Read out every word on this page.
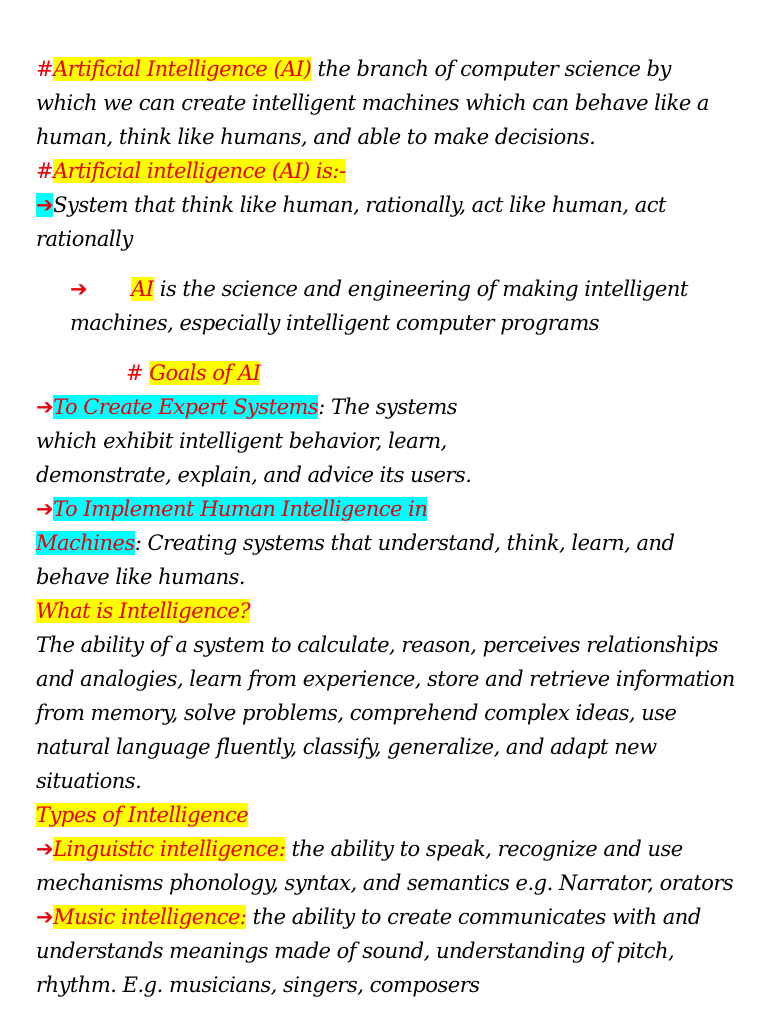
#Artificial Intelligence (AI) the branch of computer science by which we can create intelligent machines which can behave like a human, think like humans, and able to make decisions.
#Artificial intelligence (AI) is:-
➔System that think like human, rationally, act like human, act rationally
➔ AI is the science and engineering of making intelligent machines, especially intelligent computer programs
# Goals of AI
➔To Create Expert Systems: The systems
which exhibit intelligent behavior, learn,
demonstrate, explain, and advice its users.
➔To Implement Human Intelligence in
Machines: Creating systems that understand, think, learn, and behave like humans.
What is Intelligence?
The ability of a system to calculate, reason, perceives relationships and analogies, learn from experience, store and retrieve information from memory, solve problems, comprehend complex ideas, use natural language fluently, classify, generalize, and adapt new situations.
Types of Intelligence
➔Linguistic intelligence: the ability to speak, recognize and use mechanisms phonology, syntax, and semantics e.g. Narrator, orators
➔Music intelligence: the ability to create communicates with and understands meanings made of sound, understanding of pitch, rhythm. E.g. musicians, singers, composers
